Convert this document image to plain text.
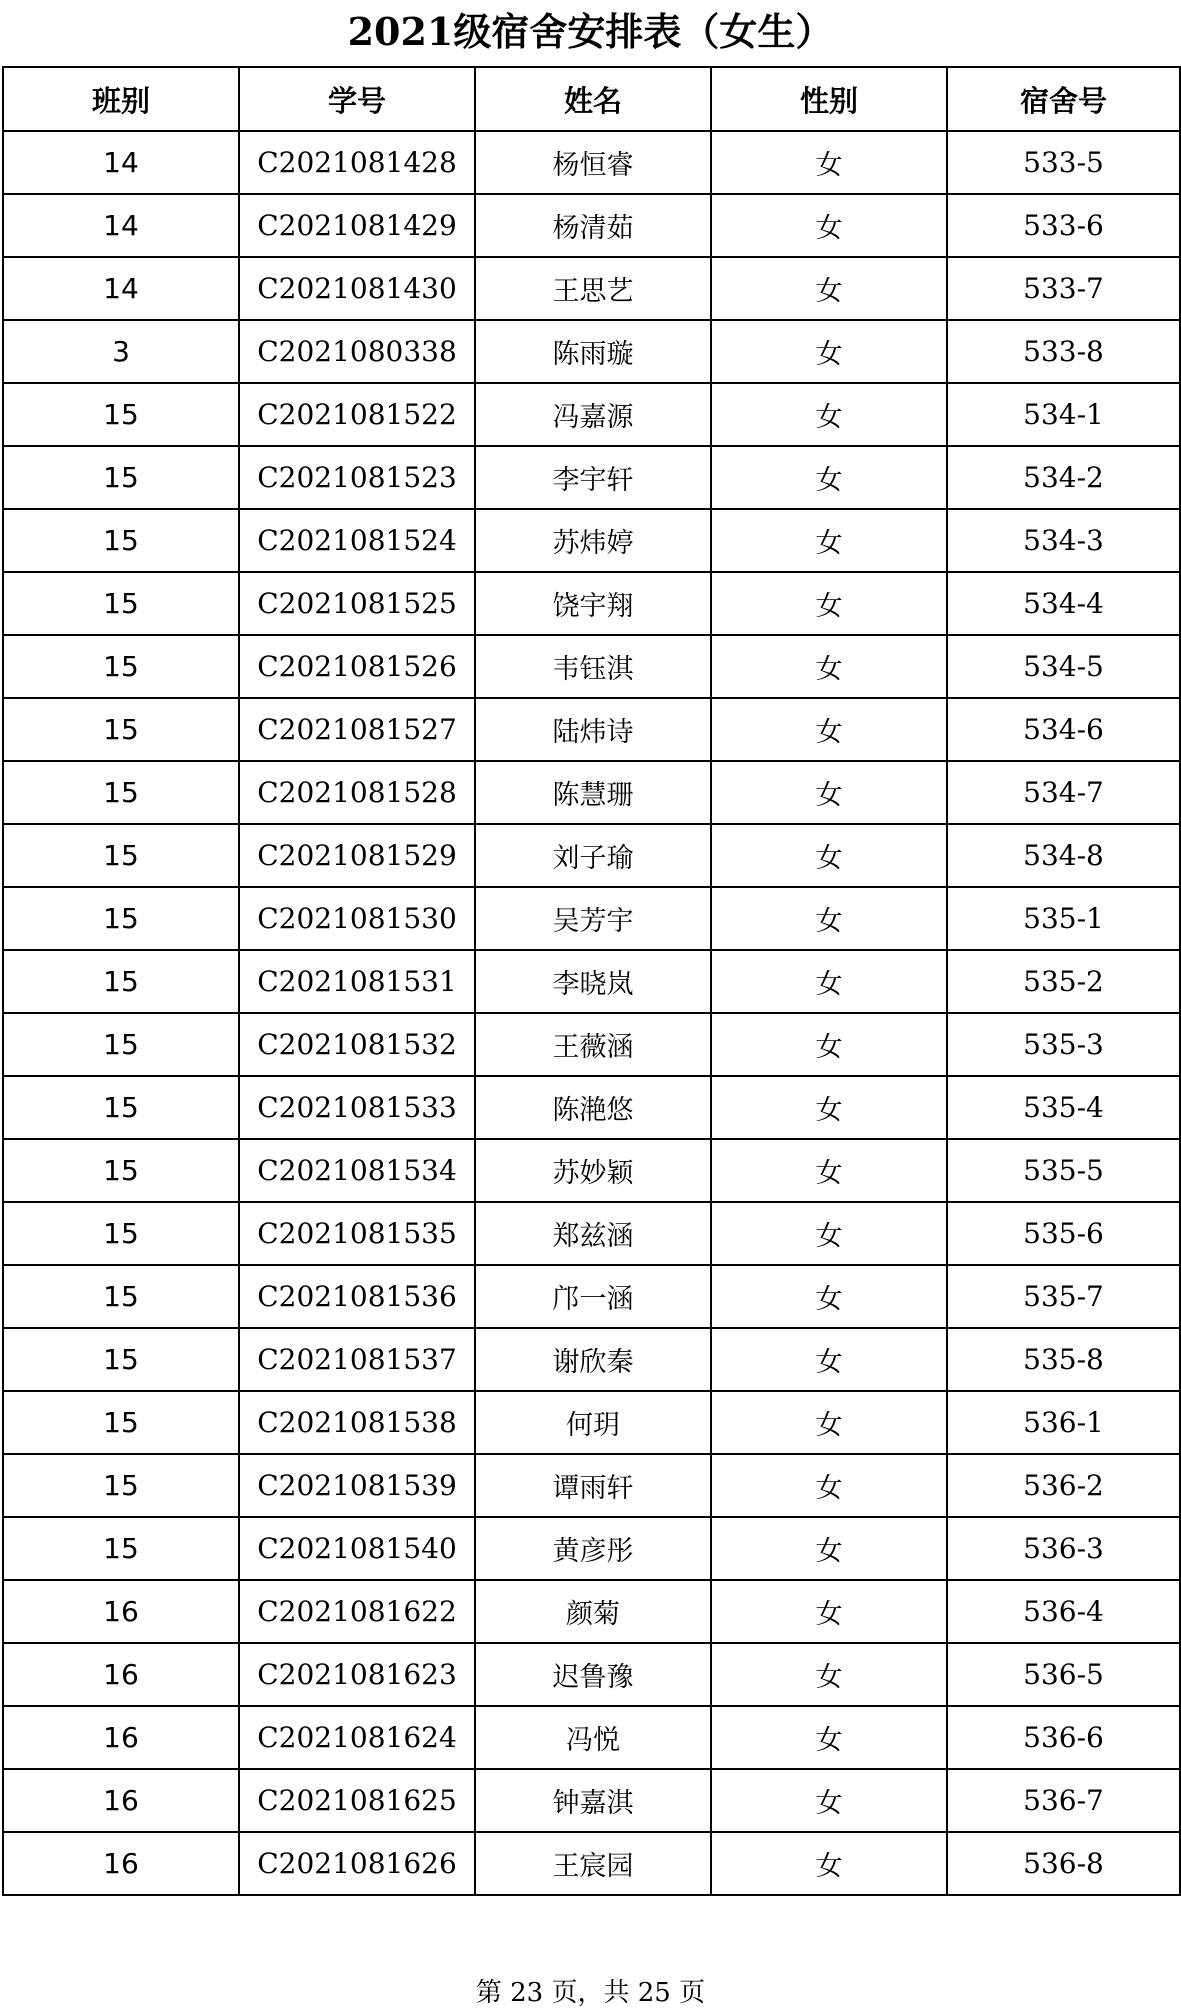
2021级宿舍安排表（女生）
班别	学号	姓名	性别	宿舍号
14	C2021081428	杨恒睿	女	533-5
14	C2021081429	杨清茹	女	533-6
14	C2021081430	王思艺	女	533-7
3	C2021080338	陈雨璇	女	533-8
15	C2021081522	冯嘉源	女	534-1
15	C2021081523	李宇轩	女	534-2
15	C2021081524	苏炜婷	女	534-3
15	C2021081525	饶宇翔	女	534-4
15	C2021081526	韦钰淇	女	534-5
15	C2021081527	陆炜诗	女	534-6
15	C2021081528	陈慧珊	女	534-7
15	C2021081529	刘子瑜	女	534-8
15	C2021081530	吴芳宇	女	535-1
15	C2021081531	李晓岚	女	535-2
15	C2021081532	王薇涵	女	535-3
15	C2021081533	陈滟悠	女	535-4
15	C2021081534	苏妙颖	女	535-5
15	C2021081535	郑兹涵	女	535-6
15	C2021081536	邝一涵	女	535-7
15	C2021081537	谢欣秦	女	535-8
15	C2021081538	何玥	女	536-1
15	C2021081539	谭雨轩	女	536-2
15	C2021081540	黄彦彤	女	536-3
16	C2021081622	颜菊	女	536-4
16	C2021081623	迟鲁豫	女	536-5
16	C2021081624	冯悦	女	536-6
16	C2021081625	钟嘉淇	女	536-7
16	C2021081626	王宸园	女	536-8
第 23 页，共 25 页
